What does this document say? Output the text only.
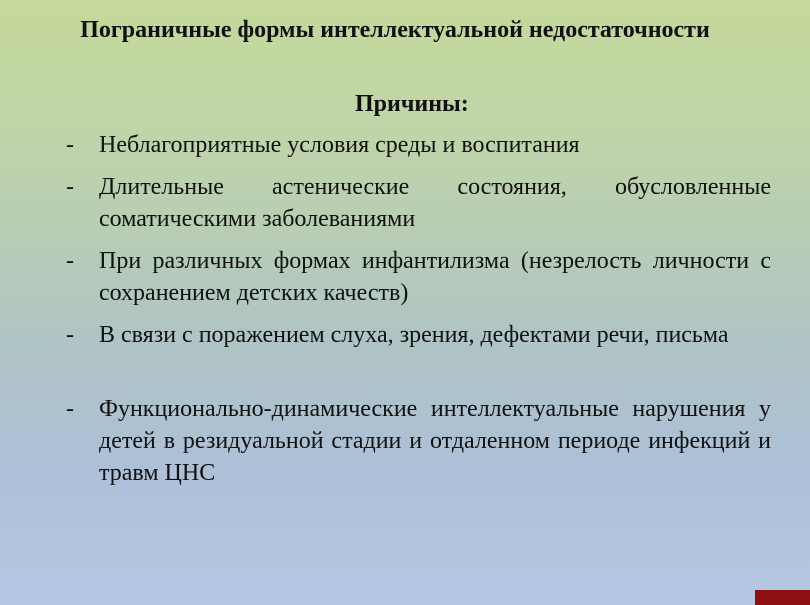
Пограничные формы интеллектуальной недостаточности
Причины:
- Неблагоприятные условия среды и воспитания
- Длительные астенические состояния, обусловленные соматическими заболеваниями
- При различных формах инфантилизма (незрелость личности с сохранением детских качеств)
- В связи с поражением слуха, зрения, дефектами речи, письма
- Функционально-динамические интеллектуальные нарушения у детей в резидуальной стадии и отдаленном периоде инфекций и травм ЦНС
